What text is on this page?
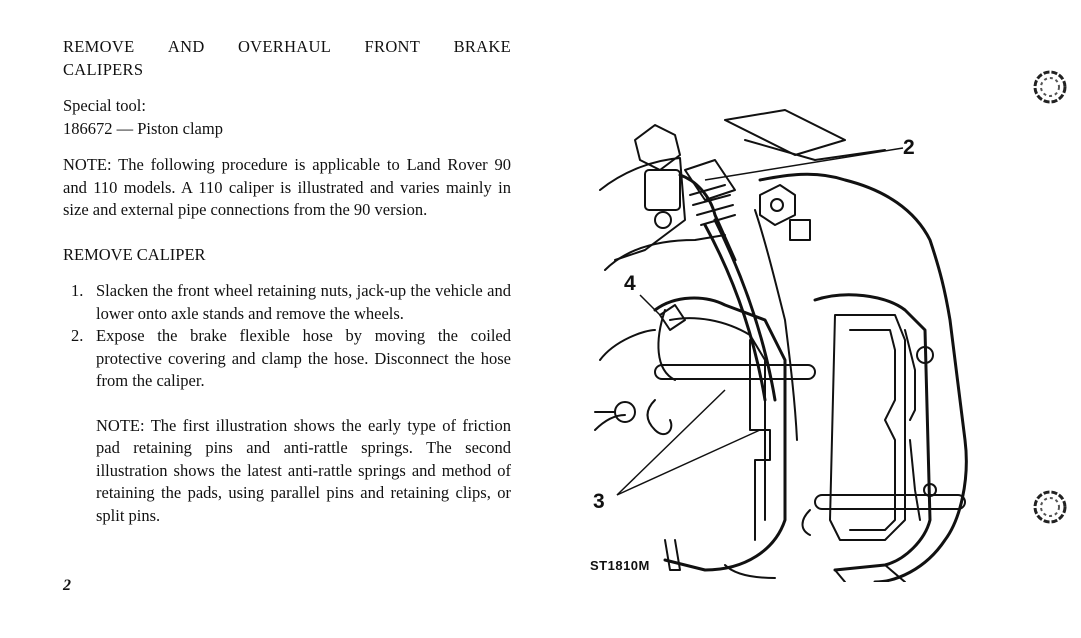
REMOVE AND OVERHAUL FRONT BRAKE
CALIPERS
Special tool:
186672 — Piston clamp
NOTE: The following procedure is applicable to Land Rover 90 and 110 models. A 110 caliper is illustrated and varies mainly in size and external pipe connections from the 90 version.
REMOVE CALIPER
1. Slacken the front wheel retaining nuts, jack-up the vehicle and lower onto axle stands and remove the wheels.
2. Expose the brake flexible hose by moving the coiled protective covering and clamp the hose. Disconnect the hose from the caliper.
NOTE: The first illustration shows the early type of friction pad retaining pins and anti-rattle springs. The second illustration shows the latest anti-rattle springs and method of retaining the pads, using parallel pins and retaining clips, or split pins.
2
2
4
3
ST1810M
